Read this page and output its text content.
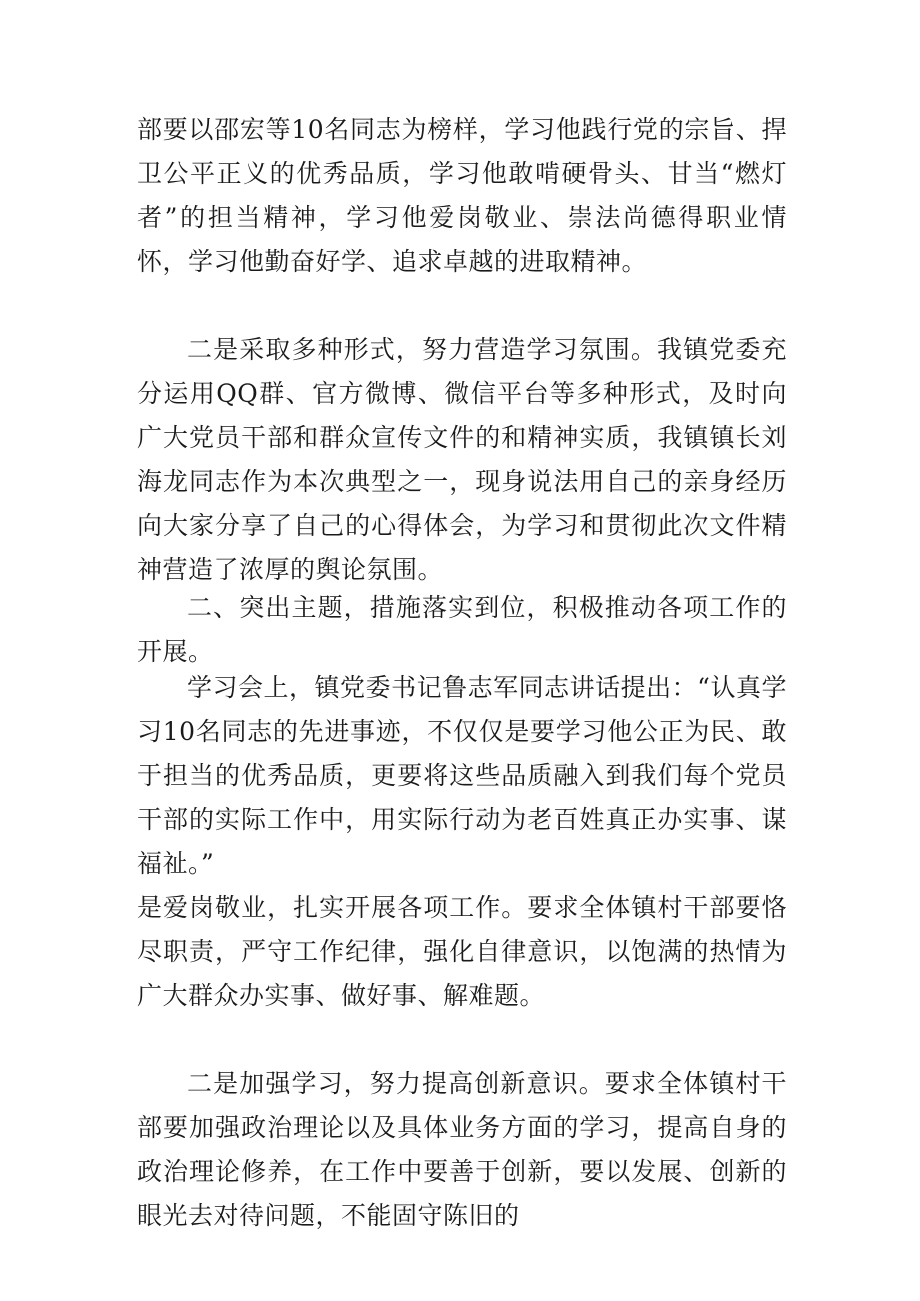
部要以邵宏等10名同志为榜样，学习他践行党的宗旨、捍卫公平正义的优秀品质，学习他敢啃硬骨头、甘当“燃灯者”的担当精神，学习他爱岗敬业、崇法尚德得职业情怀，学习他勤奋好学、追求卓越的进取精神。

二是采取多种形式，努力营造学习氛围。我镇党委充分运用QQ群、官方微博、微信平台等多种形式，及时向广大党员干部和群众宣传文件的和精神实质，我镇镇长刘海龙同志作为本次典型之一，现身说法用自己的亲身经历向大家分享了自己的心得体会，为学习和贯彻此次文件精神营造了浓厚的舆论氛围。

二、突出主题，措施落实到位，积极推动各项工作的开展。

学习会上，镇党委书记鲁志军同志讲话提出：“认真学习10名同志的先进事迹，不仅仅是要学习他公正为民、敢于担当的优秀品质，更要将这些品质融入到我们每个党员干部的实际工作中，用实际行动为老百姓真正办实事、谋福祉。”

是爱岗敬业，扎实开展各项工作。要求全体镇村干部要恪尽职责，严守工作纪律，强化自律意识，以饱满的热情为广大群众办实事、做好事、解难题。

二是加强学习，努力提高创新意识。要求全体镇村干部要加强政治理论以及具体业务方面的学习，提高自身的政治理论修养，在工作中要善于创新，要以发展、创新的眼光去对待问题，不能固守陈旧的
